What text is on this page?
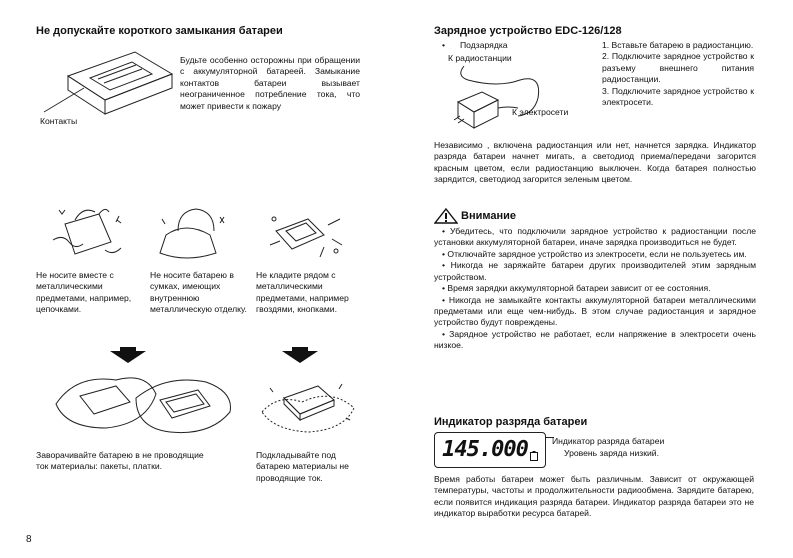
Не допускайте короткого замыкания батареи
Контакты
Будьте особенно осторожны при обращении с аккумуляторной батареей. Замыкание контактов батареи вызывает неограниченное потребление тока, что может привести к пожару
Не носите вместе с металлическими предметами, например, цепочками.
Не носите батарею в сумках, имеющих внутреннюю металлическую отделку.
Не кладите рядом с металлическими предметами, например гвоздями, кнопками.
Заворачивайте батарею в не проводящие ток материалы: пакеты, платки.
Подкладывайте под батарею материалы не проводящие ток.
8
Зарядное устройство EDC-126/128
• Подзарядка
К радиостанции
К электросети
1. Вставьте батарею в радиостанцию.
2. Подключите зарядное устройство к разъему внешнего питания радиостанции.
3. Подключите зарядное устройство к электросети.
Независимо , включена радиостанция или нет, начнется зарядка. Индикатор разряда батареи начнет мигать, а светодиод приема/передачи загорится красным цветом, если радиостанцию выключен. Когда батарея полностью зарядится, светодиод загорится зеленым цветом.
Внимание
• Убедитесь, что подключили зарядное устройство к радиостанции после установки аккумуляторной батареи, иначе зарядка производиться не будет.
• Отключайте зарядное устройство из электросети, если не пользуетесь им.
• Никогда не заряжайте батареи других производителей этим зарядным устройством.
• Время зарядки аккумуляторной батареи зависит от ее состояния.
• Никогда не замыкайте контакты аккумуляторной батареи металлическими предметами или еще чем-нибудь. В этом случае радиостанция и зарядное устройство будут повреждены.
• Зарядное устройство не работает, если напряжение в электросети очень низкое.
Индикатор разряда батареи
145.000	Индикатор разряда батареи
Уровень заряда низкий.
Время работы батареи может быть различным. Зависит от окружающей температуры, частоты и продолжительности радиообмена. Зарядите батарею, если появится индикация разряда батареи. Индикатор разряда батареи это не индикатор выработки ресурса батарей.
